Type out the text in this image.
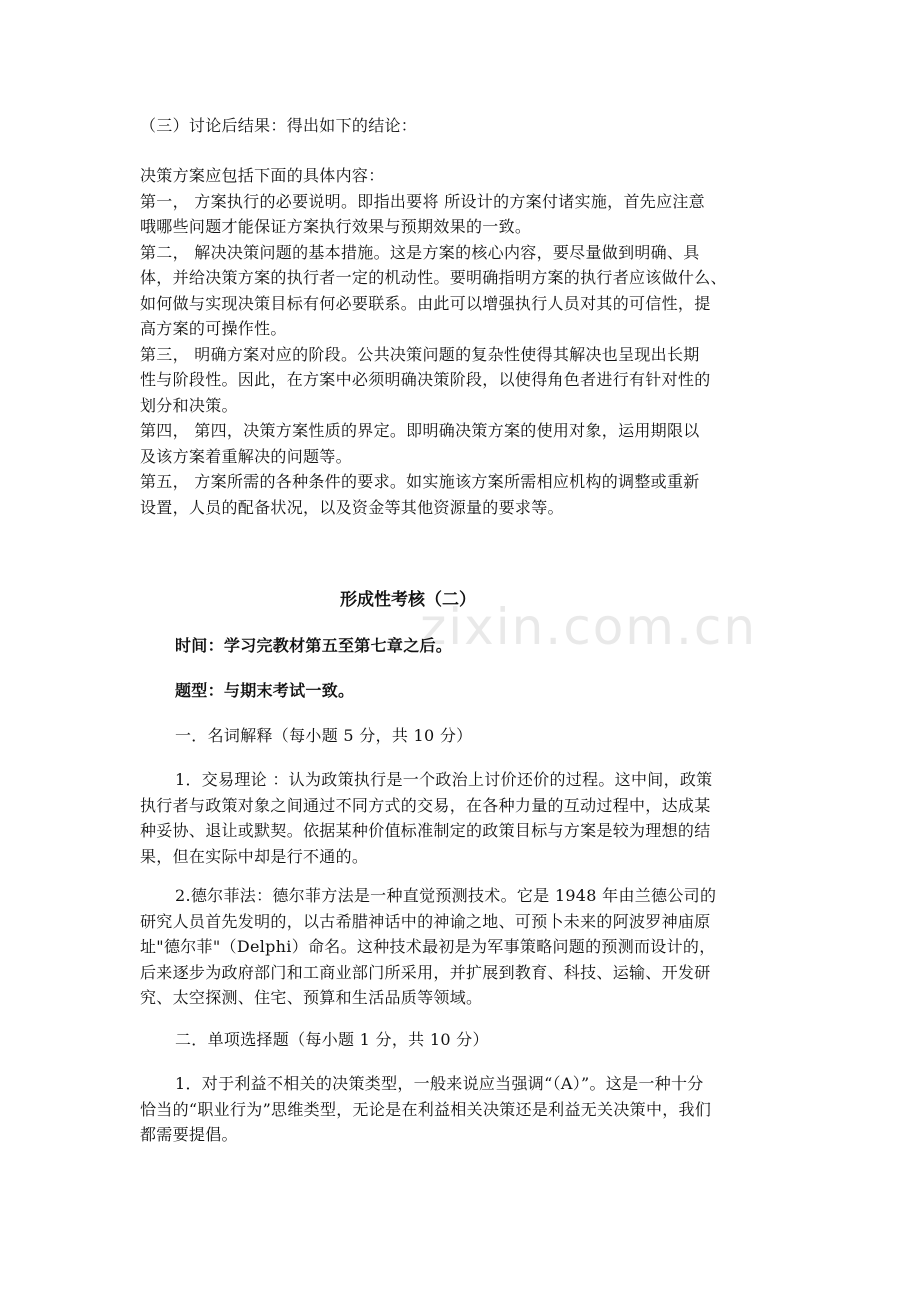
zixin.com.cn
（三）讨论后结果：得出如下的结论：
决策方案应包括下面的具体内容：
第一， 方案执行的必要说明。即指出要将 所设计的方案付诸实施，首先应注意
哦哪些问题才能保证方案执行效果与预期效果的一致。
第二， 解决决策问题的基本措施。这是方案的核心内容，要尽量做到明确、具
体，并给决策方案的执行者一定的机动性。要明确指明方案的执行者应该做什么、
如何做与实现决策目标有何必要联系。由此可以增强执行人员对其的可信性，提
高方案的可操作性。
第三， 明确方案对应的阶段。公共决策问题的复杂性使得其解决也呈现出长期
性与阶段性。因此，在方案中必须明确决策阶段，以使得角色者进行有针对性的
划分和决策。
第四， 第四，决策方案性质的界定。即明确决策方案的使用对象，运用期限以
及该方案着重解决的问题等。
第五， 方案所需的各种条件的要求。如实施该方案所需相应机构的调整或重新
设置，人员的配备状况，以及资金等其他资源量的要求等。
形成性考核（二）
时间：学习完教材第五至第七章之后。
题型：与期末考试一致。
一．名词解释（每小题 5 分，共 10 分）
1．交易理论 ：认为政策执行是一个政治上讨价还价的过程。这中间，政策
执行者与政策对象之间通过不同方式的交易，在各种力量的互动过程中，达成某
种妥协、退让或默契。依据某种价值标准制定的政策目标与方案是较为理想的结
果，但在实际中却是行不通的。
2.德尔菲法：德尔菲方法是一种直觉预测技术。它是 1948 年由兰德公司的
研究人员首先发明的，以古希腊神话中的神谕之地、可预卜未来的阿波罗神庙原
址"德尔菲"（Delphi）命名。这种技术最初是为军事策略问题的预测而设计的，
后来逐步为政府部门和工商业部门所采用，并扩展到教育、科技、运输、开发研
究、太空探测、住宅、预算和生活品质等领域。
二．单项选择题（每小题 1 分，共 10 分）
1．对于利益不相关的决策类型，一般来说应当强调“（A）”。这是一种十分
恰当的“职业行为”思维类型，无论是在利益相关决策还是利益无关决策中，我们
都需要提倡。
